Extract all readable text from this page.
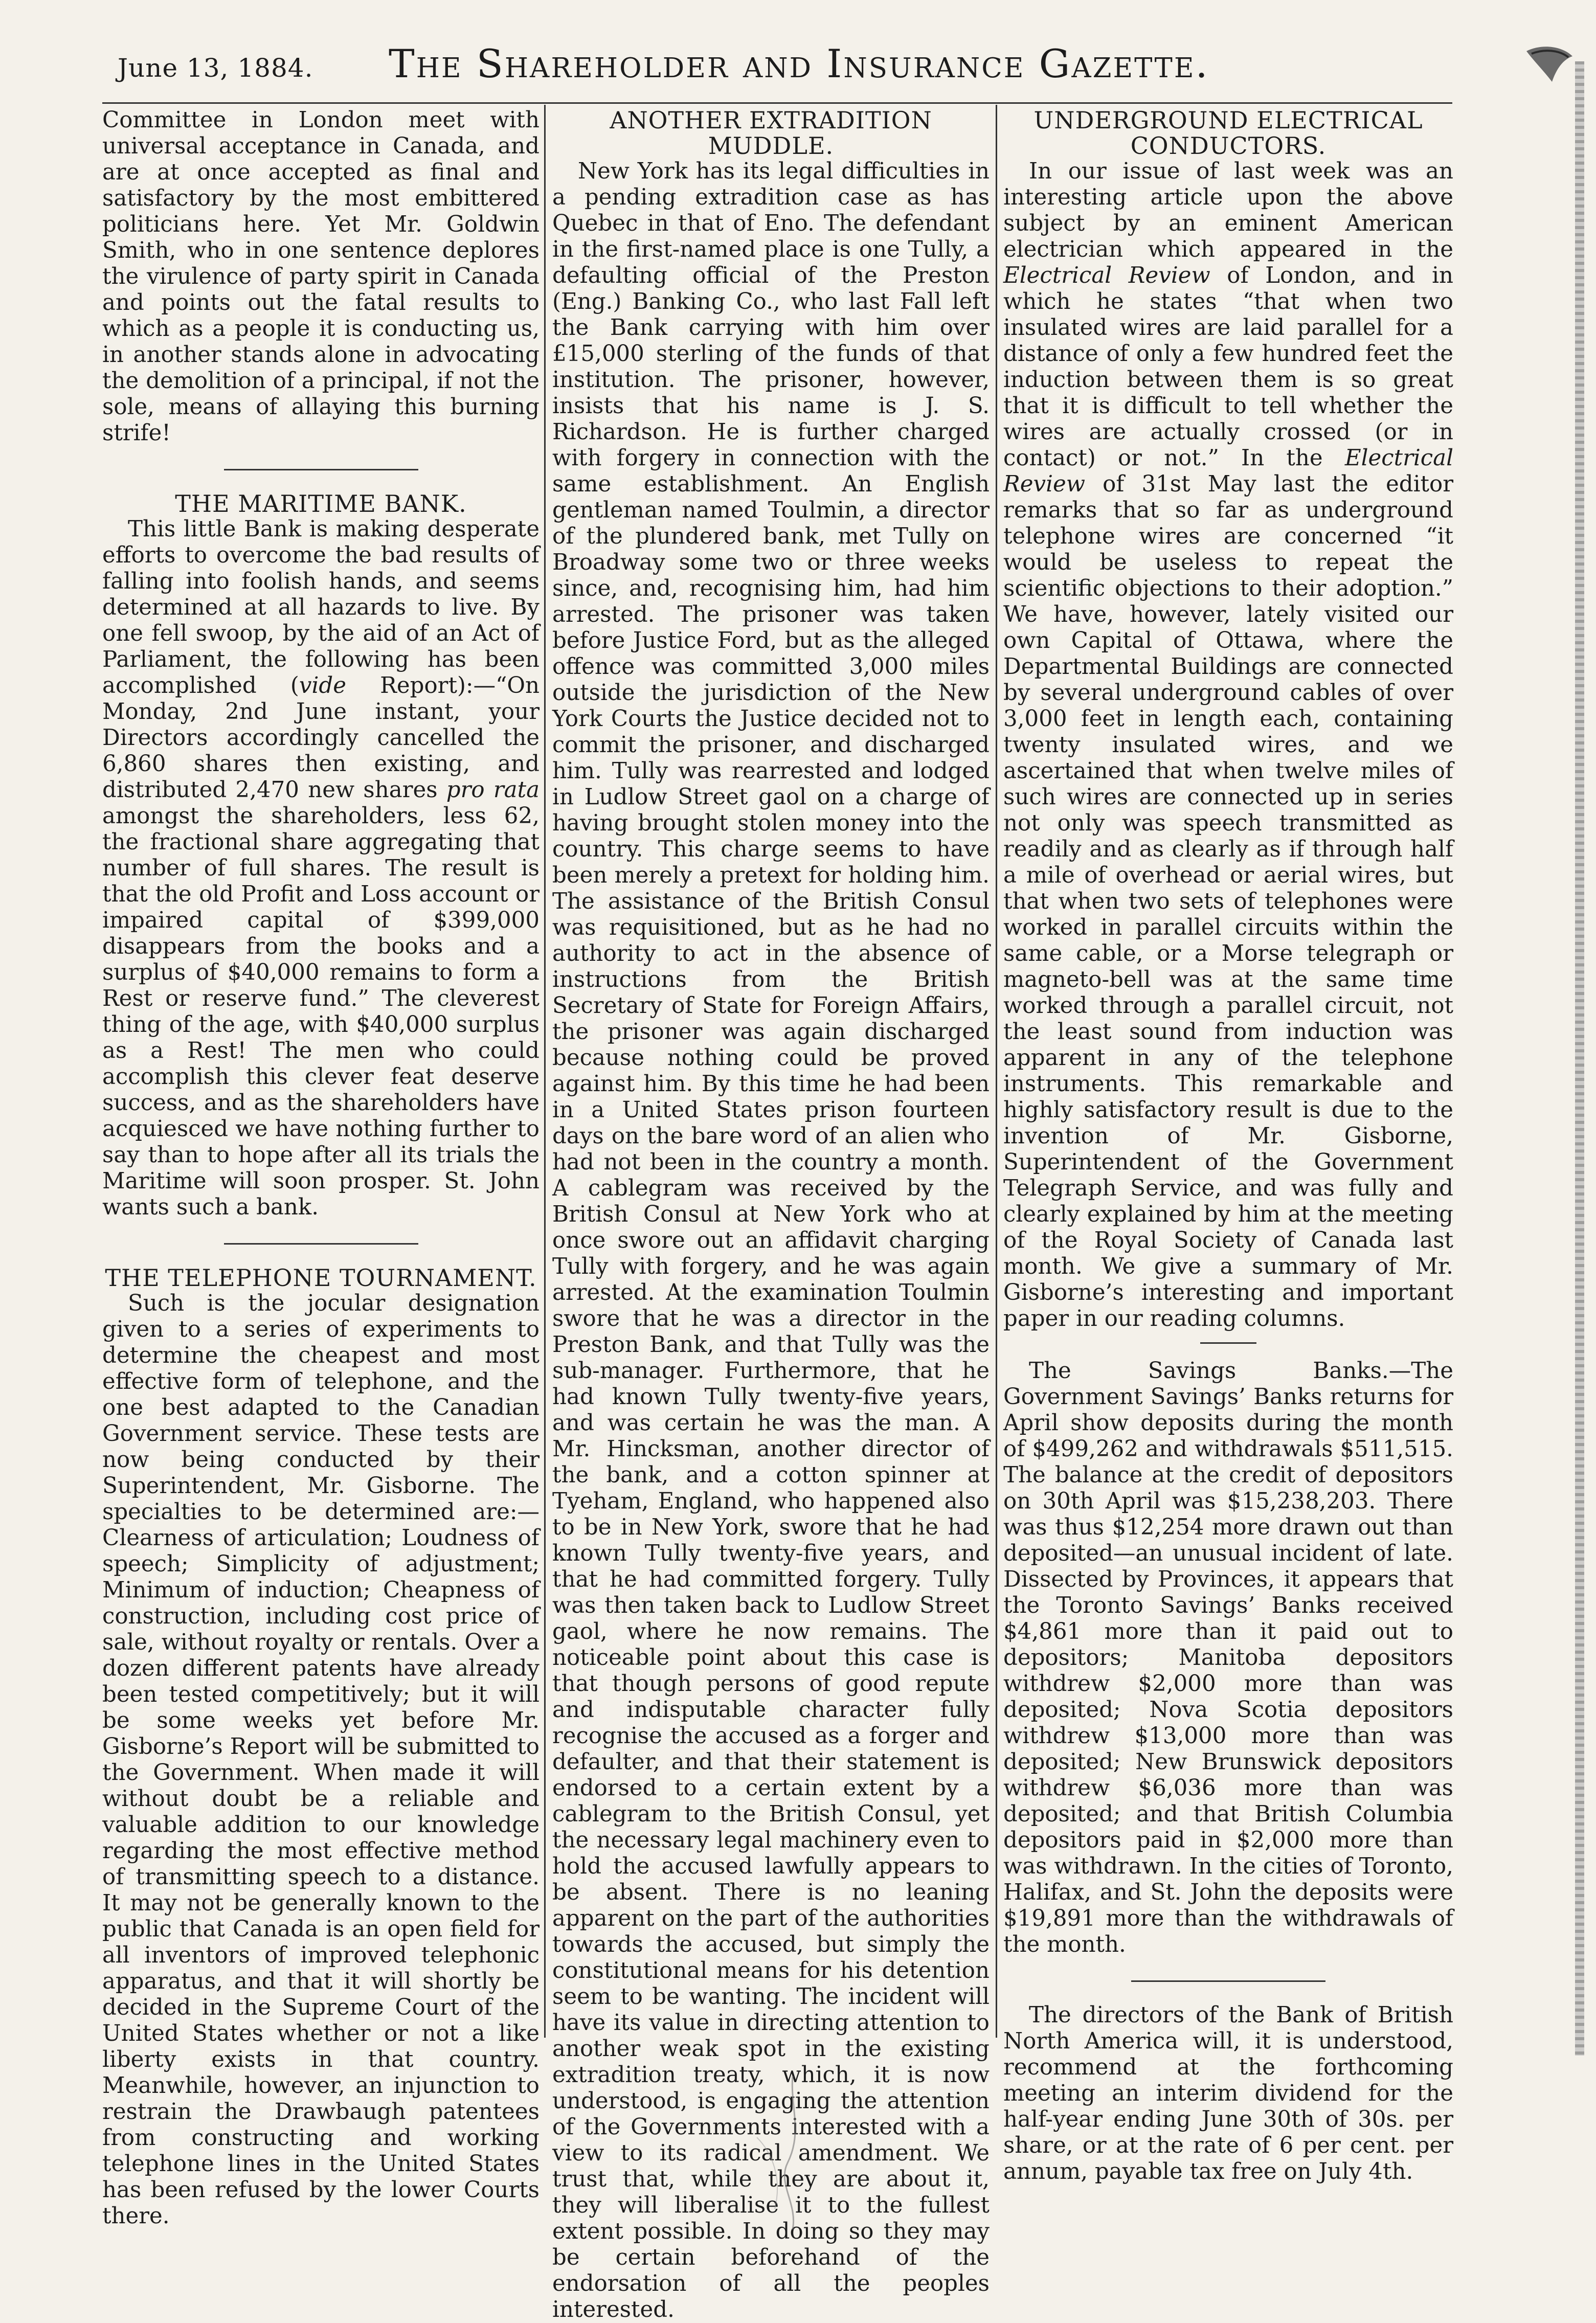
June 13, 1884. The Shareholder and Insurance Gazette.

Committee in London meet with universal acceptance in Canada, and are at once accepted as final and satisfactory by the most embittered politicians here. Yet Mr. Goldwin Smith, who in one sentence deplores the virulence of party spirit in Canada and points out the fatal results to which as a people it is conducting us, in another stands alone in advocating the demolition of a principal, if not the sole, means of allaying this burning strife!

THE MARITIME BANK.

This little Bank is making desperate efforts to overcome the bad results of falling into foolish hands, and seems determined at all hazards to live. By one fell swoop, by the aid of an Act of Parliament, the following has been accomplished (vide Report):—“On Monday, 2nd June instant, your Directors accordingly cancelled the 6,860 shares then existing, and distributed 2,470 new shares pro rata amongst the shareholders, less 62, the fractional share aggregating that number of full shares. The result is that the old Profit and Loss account or impaired capital of $399,000 disappears from the books and a surplus of $40,000 remains to form a Rest or reserve fund.” The cleverest thing of the age, with $40,000 surplus as a Rest! The men who could accomplish this clever feat deserve success, and as the shareholders have acquiesced we have nothing further to say than to hope after all its trials the Maritime will soon prosper. St. John wants such a bank.

THE TELEPHONE TOURNAMENT.

Such is the jocular designation given to a series of experiments to determine the cheapest and most effective form of telephone, and the one best adapted to the Canadian Government service. These tests are now being conducted by their Superintendent, Mr. Gisborne. The specialties to be determined are:—Clearness of articulation; Loudness of speech; Simplicity of adjustment; Minimum of induction; Cheapness of construction, including cost price of sale, without royalty or rentals. Over a dozen different patents have already been tested competitively; but it will be some weeks yet before Mr. Gisborne’s Report will be submitted to the Government. When made it will without doubt be a reliable and valuable addition to our knowledge regarding the most effective method of transmitting speech to a distance. It may not be generally known to the public that Canada is an open field for all inventors of improved telephonic apparatus, and that it will shortly be decided in the Supreme Court of the United States whether or not a like liberty exists in that country. Meanwhile, however, an injunction to restrain the Drawbaugh patentees from constructing and working telephone lines in the United States has been refused by the lower Courts there.

ANOTHER EXTRADITION MUDDLE.

New York has its legal difficulties in a pending extradition case as has Quebec in that of Eno. The defendant in the first-named place is one Tully, a defaulting official of the Preston (Eng.) Banking Co., who last Fall left the Bank carrying with him over £15,000 sterling of the funds of that institution. The prisoner, however, insists that his name is J. S. Richardson. He is further charged with forgery in connection with the same establishment. An English gentleman named Toulmin, a director of the plundered bank, met Tully on Broadway some two or three weeks since, and, recognising him, had him arrested. The prisoner was taken before Justice Ford, but as the alleged offence was committed 3,000 miles outside the jurisdiction of the New York Courts the Justice decided not to commit the prisoner, and discharged him. Tully was rearrested and lodged in Ludlow Street gaol on a charge of having brought stolen money into the country. This charge seems to have been merely a pretext for holding him. The assistance of the British Consul was requisitioned, but as he had no authority to act in the absence of instructions from the British Secretary of State for Foreign Affairs, the prisoner was again discharged because nothing could be proved against him. By this time he had been in a United States prison fourteen days on the bare word of an alien who had not been in the country a month. A cablegram was received by the British Consul at New York who at once swore out an affidavit charging Tully with forgery, and he was again arrested. At the examination Toulmin swore that he was a director in the Preston Bank, and that Tully was the sub-manager. Furthermore, that he had known Tully twenty-five years, and was certain he was the man. A Mr. Hincksman, another director of the bank, and a cotton spinner at Tyeham, England, who happened also to be in New York, swore that he had known Tully twenty-five years, and that he had committed forgery. Tully was then taken back to Ludlow Street gaol, where he now remains. The noticeable point about this case is that though persons of good repute and indisputable character fully recognise the accused as a forger and defaulter, and that their statement is endorsed to a certain extent by a cablegram to the British Consul, yet the necessary legal machinery even to hold the accused lawfully appears to be absent. There is no leaning apparent on the part of the authorities towards the accused, but simply the constitutional means for his detention seem to be wanting. The incident will have its value in directing attention to another weak spot in the existing extradition treaty, which, it is now understood, is engaging the attention of the Governments interested with a view to its radical amendment. We trust that, while they are about it, they will liberalise it to the fullest extent possible. In doing so they may be certain beforehand of the endorsation of all the peoples interested.

UNDERGROUND ELECTRICAL CONDUCTORS.

In our issue of last week was an interesting article upon the above subject by an eminent American electrician which appeared in the Electrical Review of London, and in which he states “that when two insulated wires are laid parallel for a distance of only a few hundred feet the induction between them is so great that it is difficult to tell whether the wires are actually crossed (or in contact) or not.” In the Electrical Review of 31st May last the editor remarks that so far as underground telephone wires are concerned “it would be useless to repeat the scientific objections to their adoption.” We have, however, lately visited our own Capital of Ottawa, where the Departmental Buildings are connected by several underground cables of over 3,000 feet in length each, containing twenty insulated wires, and we ascertained that when twelve miles of such wires are connected up in series not only was speech transmitted as readily and as clearly as if through half a mile of overhead or aerial wires, but that when two sets of telephones were worked in parallel circuits within the same cable, or a Morse telegraph or magneto-bell was at the same time worked through a parallel circuit, not the least sound from induction was apparent in any of the telephone instruments. This remarkable and highly satisfactory result is due to the invention of Mr. Gisborne, Superintendent of the Government Telegraph Service, and was fully and clearly explained by him at the meeting of the Royal Society of Canada last month. We give a summary of Mr. Gisborne’s interesting and important paper in our reading columns.

The Savings Banks.—The Government Savings’ Banks returns for April show deposits during the month of $499,262 and withdrawals $511,515. The balance at the credit of depositors on 30th April was $15,238,203. There was thus $12,254 more drawn out than deposited—an unusual incident of late. Dissected by Provinces, it appears that the Toronto Savings’ Banks received $4,861 more than it paid out to depositors; Manitoba depositors withdrew $2,000 more than was deposited; Nova Scotia depositors withdrew $13,000 more than was deposited; New Brunswick depositors withdrew $6,036 more than was deposited; and that British Columbia depositors paid in $2,000 more than was withdrawn. In the cities of Toronto, Halifax, and St. John the deposits were $19,891 more than the withdrawals of the month.

The directors of the Bank of British North America will, it is understood, recommend at the forthcoming meeting an interim dividend for the half-year ending June 30th of 30s. per share, or at the rate of 6 per cent. per annum, payable tax free on July 4th.
